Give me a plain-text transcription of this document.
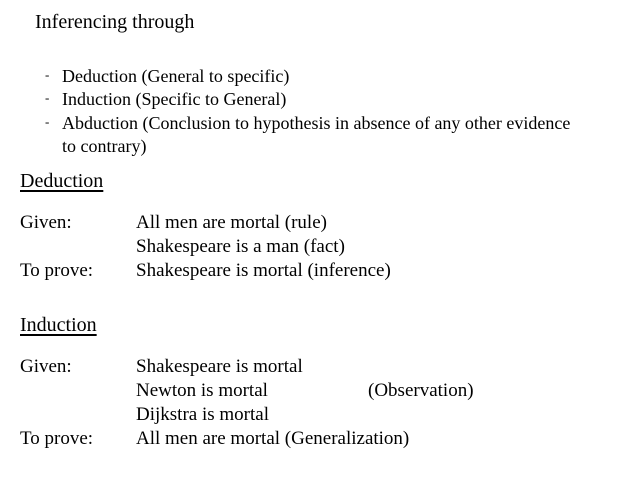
Inferencing through
- Deduction (General to specific)
- Induction (Specific to General)
- Abduction (Conclusion to hypothesis in absence of any other evidence
to contrary)
Deduction
Given:	All men are mortal (rule)
Shakespeare is a man (fact)
To prove: Shakespeare is mortal (inference)
Induction
Given:	Shakespeare is mortal
Newton is mortal	(Observation)
Dijkstra is mortal
To prove: All men are mortal (Generalization)
